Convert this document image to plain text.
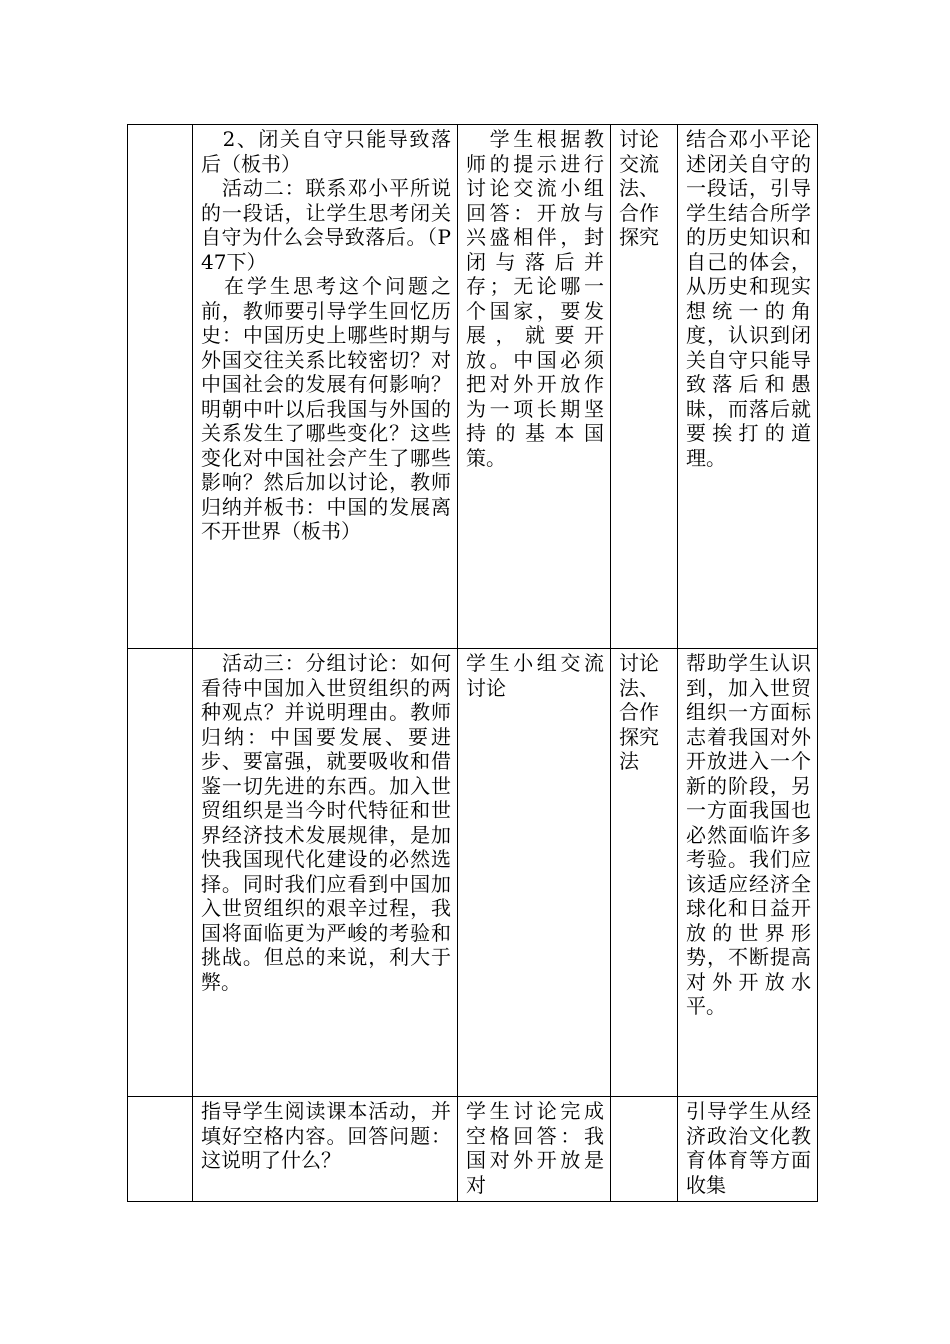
	　2、闭关自守只能导致落后（板书）
　活动二：联系邓小平所说的一段话，让学生思考闭关自守为什么会导致落后。（P47下）
　在学生思考这个问题之前，教师要引导学生回忆历史：中国历史上哪些时期与外国交往关系比较密切？对中国社会的发展有何影响？明朝中叶以后我国与外国的关系发生了哪些变化？这些变化对中国社会产生了哪些影响？然后加以讨论，教师归纳并板书：中国的发展离不开世界（板书）	　学生根据教师的提示进行讨论交流小组回答：开放与兴盛相伴，封闭与落后并存；无论哪一个国家，要发展，就要开放。中国必须把对外开放作为一项长期坚持的基本国策。	讨论交流法、合作探究	结合邓小平论述闭关自守的一段话，引导学生结合所学的历史知识和自己的体会，从历史和现实想统一的角度，认识到闭关自守只能导致落后和愚昧，而落后就要挨打的道理。

	　活动三：分组讨论：如何看待中国加入世贸组织的两种观点？并说明理由。教师归纳：中国要发展、要进步、要富强，就要吸收和借鉴一切先进的东西。加入世贸组织是当今时代特征和世界经济技术发展规律，是加快我国现代化建设的必然选择。同时我们应看到中国加入世贸组织的艰辛过程，我国将面临更为严峻的考验和挑战。但总的来说，利大于弊。	学生小组交流讨论	讨论法、合作探究法	帮助学生认识到，加入世贸组织一方面标志着我国对外开放进入一个新的阶段，另一方面我国也必然面临许多考验。我们应该适应经济全球化和日益开放的世界形势，不断提高对外开放水平。

	指导学生阅读课本活动，并填好空格内容。回答问题：这说明了什么？	学生讨论完成空格回答：我国对外开放是对		引导学生从经济政治文化教育体育等方面收集
